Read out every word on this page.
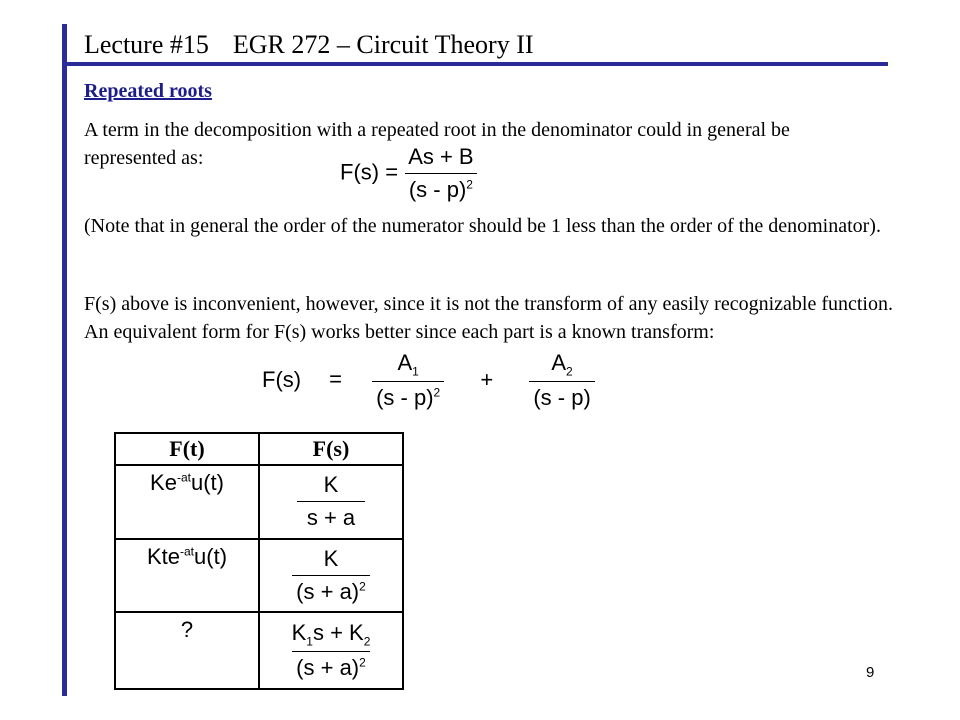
Lecture #15 EGR 272 – Circuit Theory II
Repeated roots
A term in the decomposition with a repeated root in the denominator could in general be represented as:
$F(s) = \frac{As + B}{(s - p)^2}$
(Note that in general the order of the numerator should be 1 less than the order of the denominator).
F(s) above is inconvenient, however, since it is not the transform of any easily recognizable function. An equivalent form for F(s) works better since each part is a known transform:
$F(s) = \frac{A_1}{(s - p)^2} + \frac{A_2}{(s - p)}$
F(t)	F(s)
$Ke^{-at}u(t)$	$\frac{K}{s + a}$

Kte$^{-at}$u(t)	$\frac{K}{(s + a)^2}$

?	$\frac{K_1s + K_2}{(s + a)^2}$	9
